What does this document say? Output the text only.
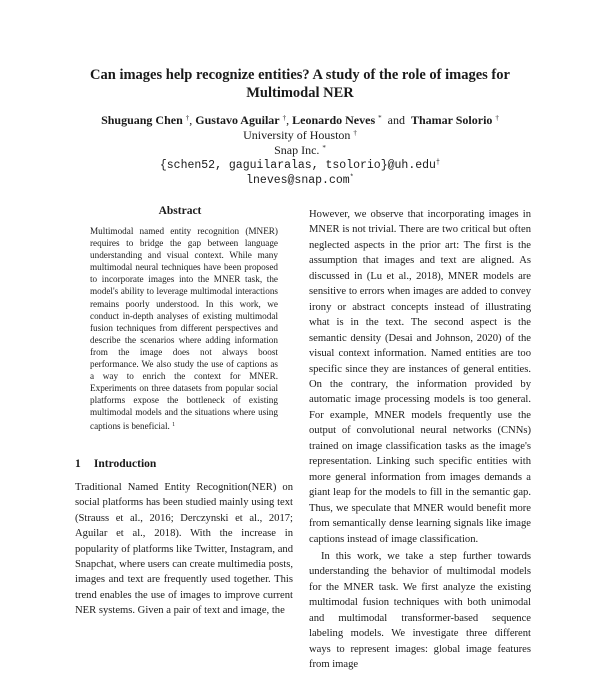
Can images help recognize entities? A study of the role of images for Multimodal NER
Shuguang Chen †, Gustavo Aguilar †, Leonardo Neves * and Thamar Solorio †
University of Houston †
Snap Inc. *
{schen52, gaguilaralas, tsolorio}@uh.edu†
lneves@snap.com*
Abstract
Multimodal named entity recognition (MNER) requires to bridge the gap between language understanding and visual context. While many multimodal neural techniques have been proposed to incorporate images into the MNER task, the model's ability to leverage multimodal interactions remains poorly understood. In this work, we conduct in-depth analyses of existing multimodal fusion techniques from different perspectives and describe the scenarios where adding information from the image does not always boost performance. We also study the use of captions as a way to enrich the context for MNER. Experiments on three datasets from popular social platforms expose the bottleneck of existing multimodal models and the situations where using captions is beneficial. $^1$
1 Introduction
Traditional Named Entity Recognition(NER) on social platforms has been studied mainly using text (Strauss et al., 2016; Derczynski et al., 2017; Aguilar et al., 2018). With the increase in popularity of platforms like Twitter, Instagram, and Snapchat, where users can create multimedia posts, images and text are frequently used together. This trend enables the use of images to improve current NER systems. Given a pair of text and image, the

However, we observe that incorporating images in MNER is not trivial. There are two critical but often neglected aspects in the prior art: The first is the assumption that images and text are aligned. As discussed in (Lu et al., 2018), MNER models are sensitive to errors when images are added to convey irony or abstract concepts instead of illustrating what is in the text. The second aspect is the semantic density (Desai and Johnson, 2020) of the visual context information. Named entities are too specific since they are instances of general entities. On the contrary, the information provided by automatic image processing models is too general. For example, MNER models frequently use the output of convolutional neural networks (CNNs) trained on image classification tasks as the image's representation. Linking such specific entities with more general information from images demands a giant leap for the models to fill in the semantic gap. Thus, we speculate that MNER would benefit more from semantically dense learning signals like image captions instead of image classification.

In this work, we take a step further towards understanding the behavior of multimodal models for the MNER task. We first analyze the existing multimodal fusion techniques with both unimodal and multimodal transformer-based sequence labeling models. We investigate three different ways to represent images: global image features from image
